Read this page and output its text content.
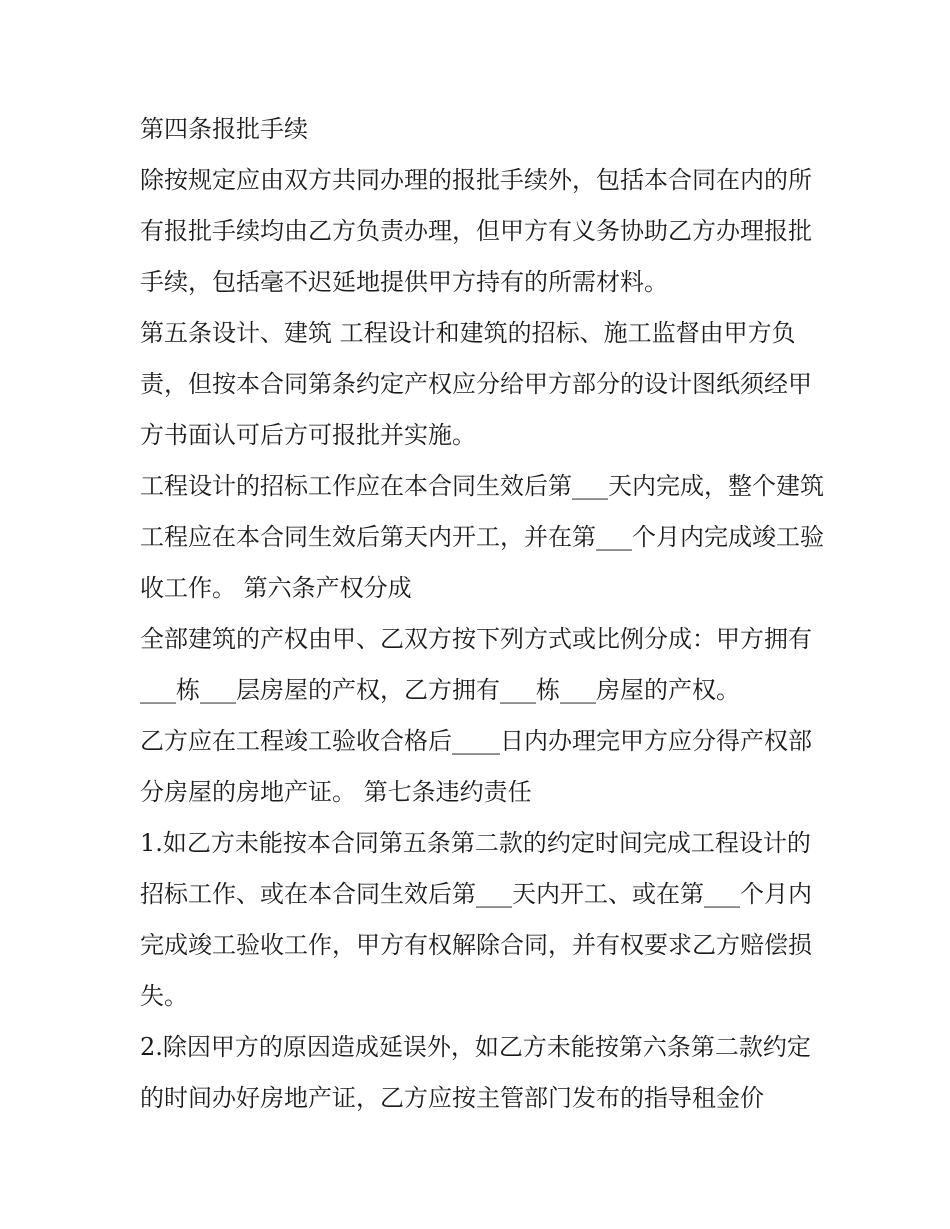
第四条报批手续

除按规定应由双方共同办理的报批手续外，包括本合同在内的所有报批手续均由乙方负责办理，但甲方有义务协助乙方办理报批手续，包括毫不迟延地提供甲方持有的所需材料。

第五条设计、建筑 工程设计和建筑的招标、施工监督由甲方负责，但按本合同第条约定产权应分给甲方部分的设计图纸须经甲方书面认可后方可报批并实施。

工程设计的招标工作应在本合同生效后第___天内完成，整个建筑工程应在本合同生效后第天内开工，并在第___个月内完成竣工验收工作。 第六条产权分成

全部建筑的产权由甲、乙双方按下列方式或比例分成：甲方拥有___栋___层房屋的产权，乙方拥有___栋___房屋的产权。

乙方应在工程竣工验收合格后____日内办理完甲方应分得产权部分房屋的房地产证。 第七条违约责任

1.如乙方未能按本合同第五条第二款的约定时间完成工程设计的招标工作、或在本合同生效后第___天内开工、或在第___个月内完成竣工验收工作，甲方有权解除合同，并有权要求乙方赔偿损失。

2.除因甲方的原因造成延误外，如乙方未能按第六条第二款约定的时间办好房地产证，乙方应按主管部门发布的指导租金价
